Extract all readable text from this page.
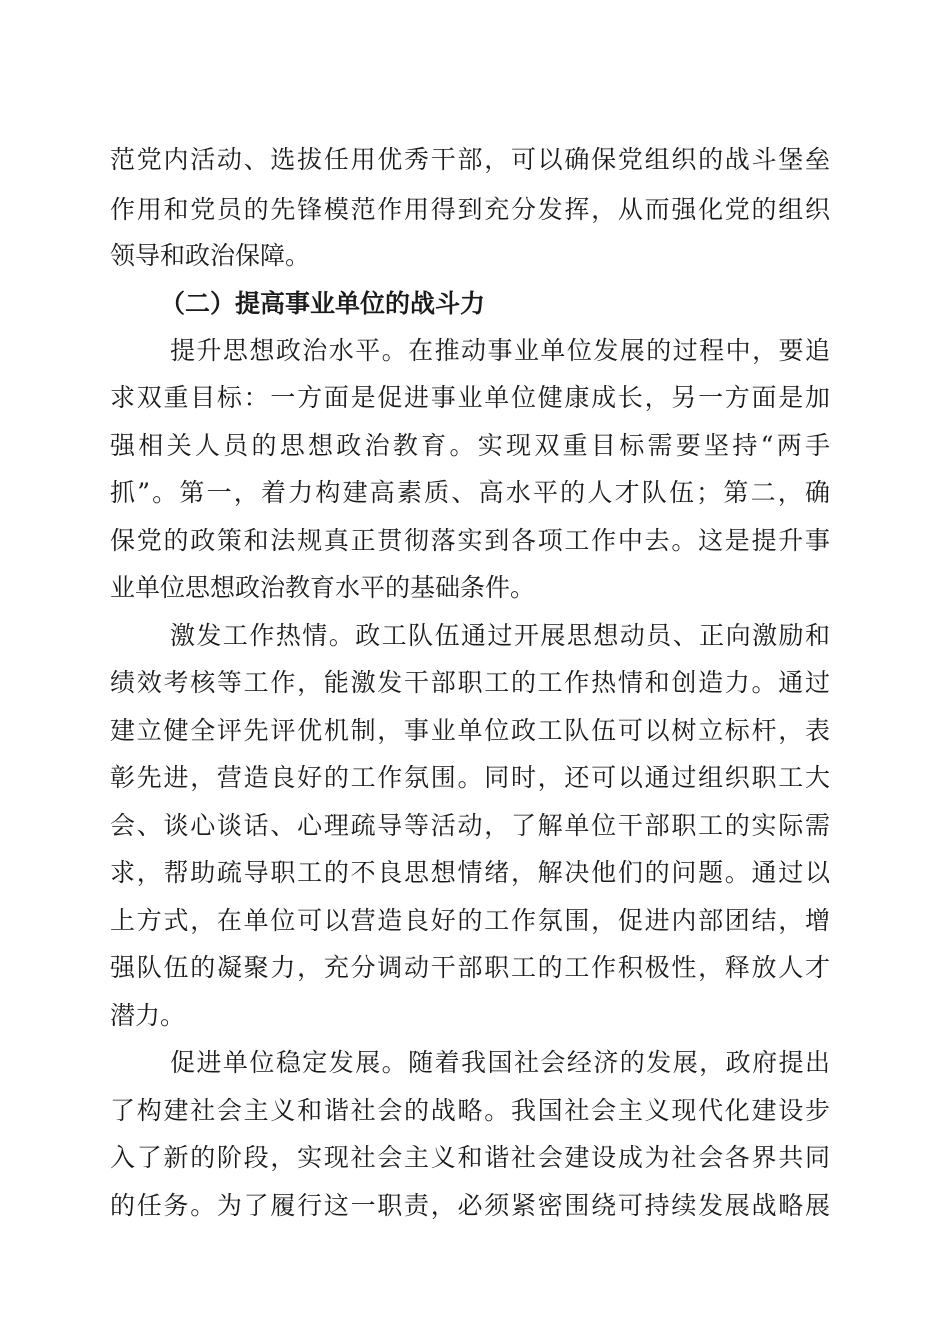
范党内活动、选拔任用优秀干部，可以确保党组织的战斗堡垒
作用和党员的先锋模范作用得到充分发挥，从而强化党的组织
领导和政治保障。
（二）提高事业单位的战斗力
提升思想政治水平。在推动事业单位发展的过程中，要追
求双重目标：一方面是促进事业单位健康成长，另一方面是加
强相关人员的思想政治教育。实现双重目标需要坚持“两手
抓”。第一，着力构建高素质、高水平的人才队伍；第二，确
保党的政策和法规真正贯彻落实到各项工作中去。这是提升事
业单位思想政治教育水平的基础条件。
激发工作热情。政工队伍通过开展思想动员、正向激励和
绩效考核等工作，能激发干部职工的工作热情和创造力。通过
建立健全评先评优机制，事业单位政工队伍可以树立标杆，表
彰先进，营造良好的工作氛围。同时，还可以通过组织职工大
会、谈心谈话、心理疏导等活动，了解单位干部职工的实际需
求，帮助疏导职工的不良思想情绪，解决他们的问题。通过以
上方式，在单位可以营造良好的工作氛围，促进内部团结，增
强队伍的凝聚力，充分调动干部职工的工作积极性，释放人才
潜力。
促进单位稳定发展。随着我国社会经济的发展，政府提出
了构建社会主义和谐社会的战略。我国社会主义现代化建设步
入了新的阶段，实现社会主义和谐社会建设成为社会各界共同
的任务。为了履行这一职责，必须紧密围绕可持续发展战略展
